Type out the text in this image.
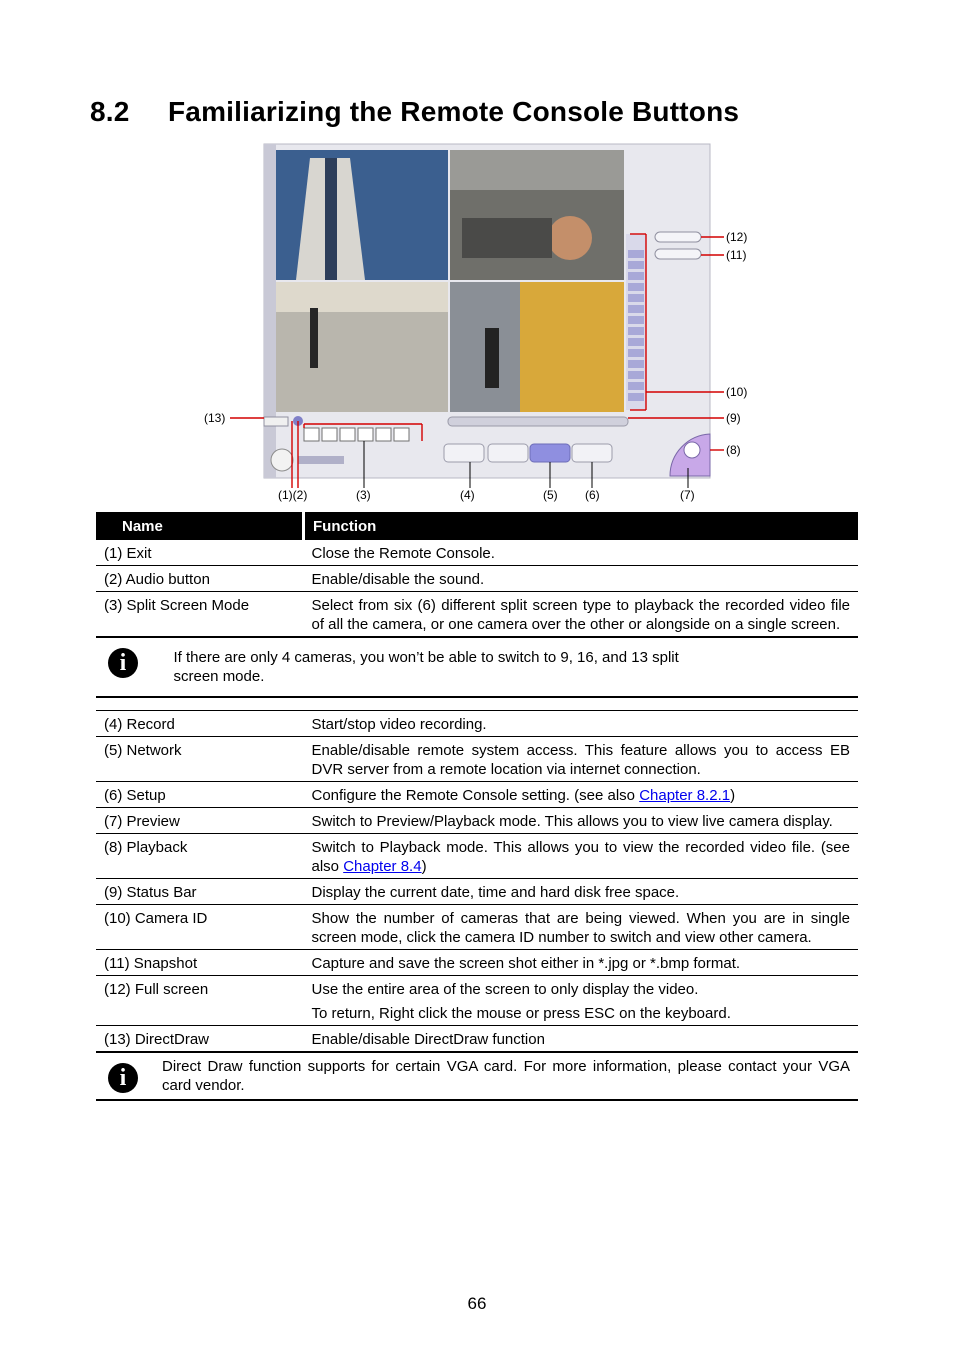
8.2 Familiarizing the Remote Console Buttons
(1)(2)	(3)	(4)	(5) (6)	(7)
(8)
(9)
(10)
(11)
(12)
(13)
Name	Function
(1) Exit	Close the Remote Console.
(2) Audio button	Enable/disable the sound.
(3) Split Screen Mode	Select from six (6) different split screen type to playback the recorded video file of all the camera, or one camera over the other or alongside on a single screen.
i	If there are only 4 cameras, you won’t be able to switch to 9, 16, and 13 split screen mode.

(4) Record	Start/stop video recording.
(5) Network	Enable/disable remote system access. This feature allows you to access EB DVR server from a remote location via internet connection.
(6) Setup	Configure the Remote Console setting. (see also Chapter 8.2.1)
(7) Preview	Switch to Preview/Playback mode. This allows you to view live camera display.
(8) Playback	Switch to Playback mode. This allows you to view the recorded video file. (see also Chapter 8.4)
(9) Status Bar	Display the current date, time and hard disk free space.
(10) Camera ID	Show the number of cameras that are being viewed. When you are in single screen mode, click the camera ID number to switch and view other camera.
(11) Snapshot	Capture and save the screen shot either in *.jpg or *.bmp format.
(12) Full screen	Use the entire area of the screen to only display the video.
To return, Right click the mouse or press ESC on the keyboard.

(13) DirectDraw	Enable/disable DirectDraw function

i Direct Draw function supports for certain VGA card. For more information, please contact your VGA card vendor.	
66
